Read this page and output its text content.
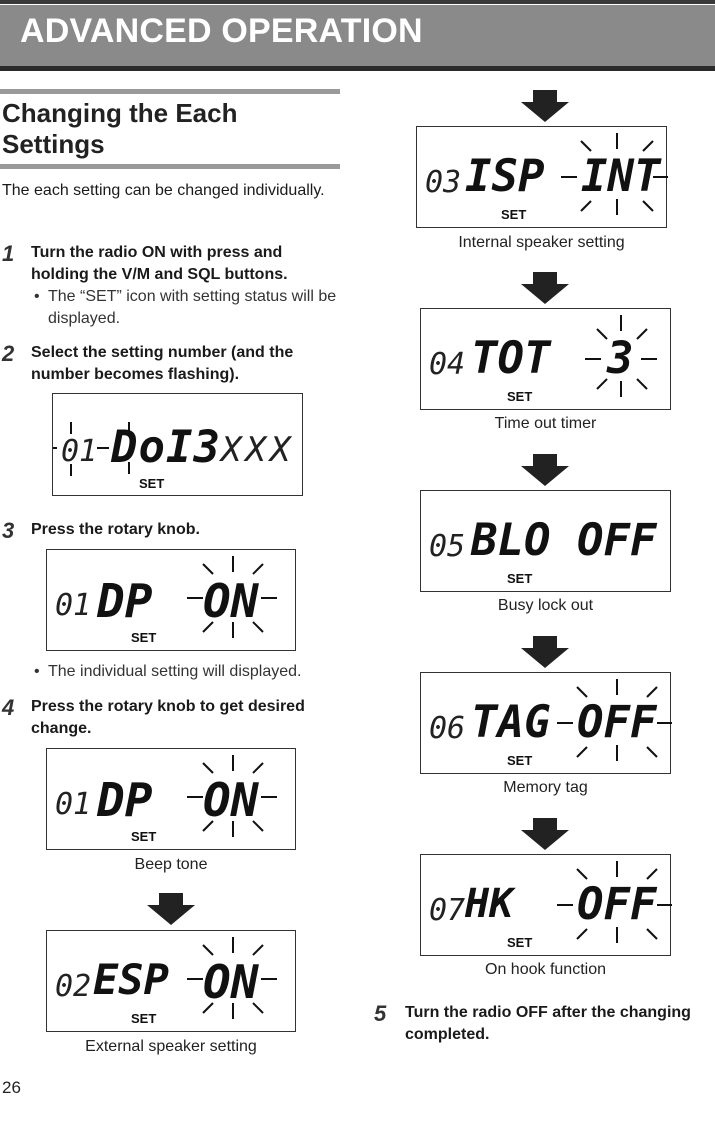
ADVANCED OPERATION
Changing the Each
Settings
The each setting can be changed individually.
1 Turn the radio ON with press and holding the V/M and SQL buttons.
• The “SET” icon with setting status will be displayed.
2 Select the setting number (and the number becomes flashing).
01 DoI3 XXX
SET
3 Press the rotary knob.
01 DP ON
SET
• The individual setting will displayed.
4 Press the rotary knob to get desired change.
01 DP ON
SET
Beep tone
02 ESP ON
SET
External speaker setting
03 ISP INT
SET
Internal speaker setting
04 TOT 3
SET
Time out timer
05 BLO OFF
SET
Busy lock out
06 TAG OFF
SET
Memory tag
07 HK OFF
SET
On hook function
5 Turn the radio OFF after the changing completed.
26
